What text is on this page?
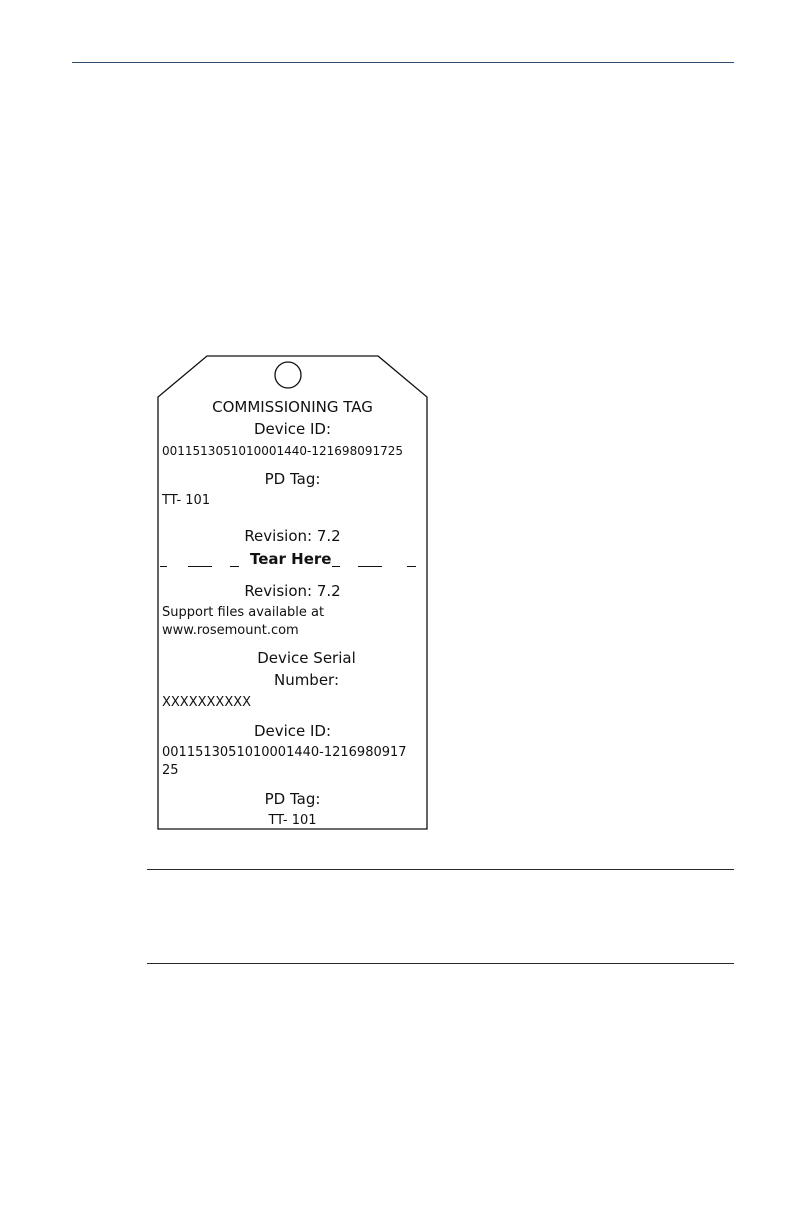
COMMISSIONING TAG
Device ID:
0011513051010001440-121698091725
PD Tag:
TT- 101
Revision: 7.2
Tear Here
Revision: 7.2
Support files available at
www.rosemount.com
Device Serial
Number:
XXXXXXXXXX
Device ID:
0011513051010001440-1216980917
25
PD Tag:
TT- 101
